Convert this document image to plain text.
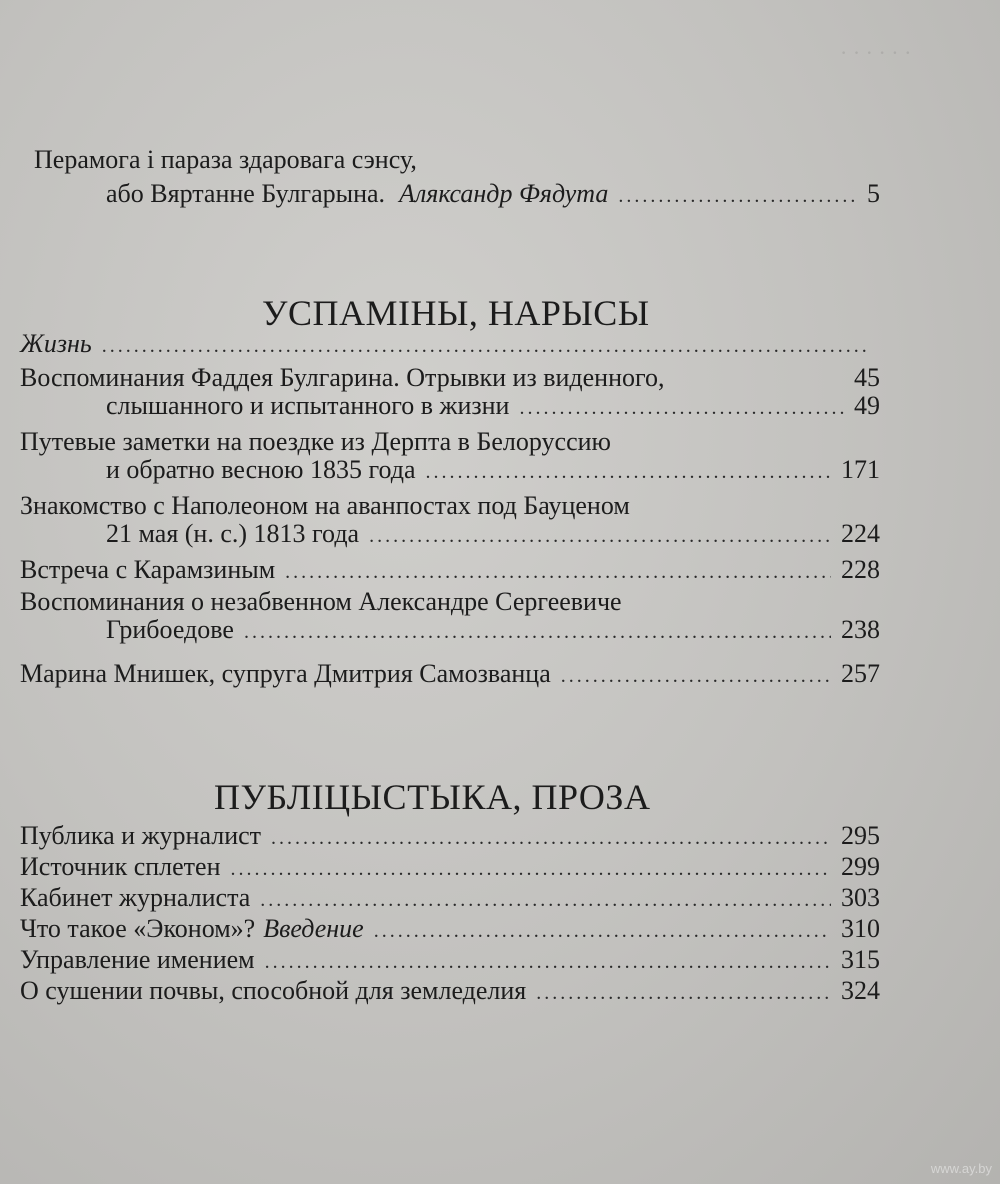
· · · · · ·
Перамога і параза здаровага сэнсу,
або Вяртанне Булгарына. Аляксандр Фядута .....	5
УСПАМІНЫ, НАРЫСЫ
Жизнь
.....
Воспоминания Фаддея Булгарина. Отрывки из виденного,	45
слышанного и испытанного в жизни .....	49
Путевые заметки на поездке из Дерпта в Белоруссию
и обратно весною 1835 года .....	171
Знакомство с Наполеоном на аванпостах под Бауценом
21 мая (н. с.) 1813 года .....	224
Встреча с Карамзиным .....	228
Воспоминания о незабвенном Александре Сергеевиче
Грибоедове .....	238
Марина Мнишек, супруга Дмитрия Самозванца .....	257
ПУБЛІЦЫСТЫКА, ПРОЗА
Публика и журналист .....	295
Источник сплетен .....	299
Кабинет журналиста .....	303
Что такое «Эконом»? Введение .....	310
Управление имением .....	315
О сушении почвы, способной для земледелия .....	324
www.ay.by
